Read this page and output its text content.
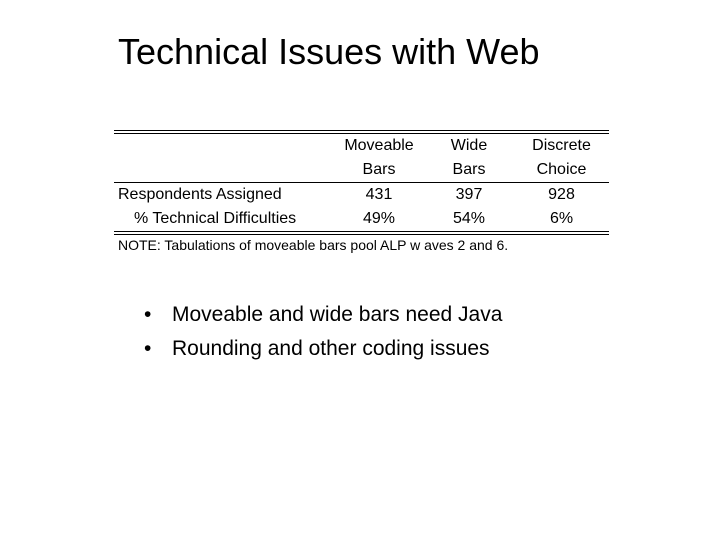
Technical Issues with Web
	Moveable	Wide	Discrete
	Bars	Bars	Choice
Respondents Assigned	431	397	928
% Technical Difficulties	49%	54%	6%
NOTE: Tabulations of moveable bars pool ALP w aves 2 and 6.
• Moveable and wide bars need Java
• Rounding and other coding issues
